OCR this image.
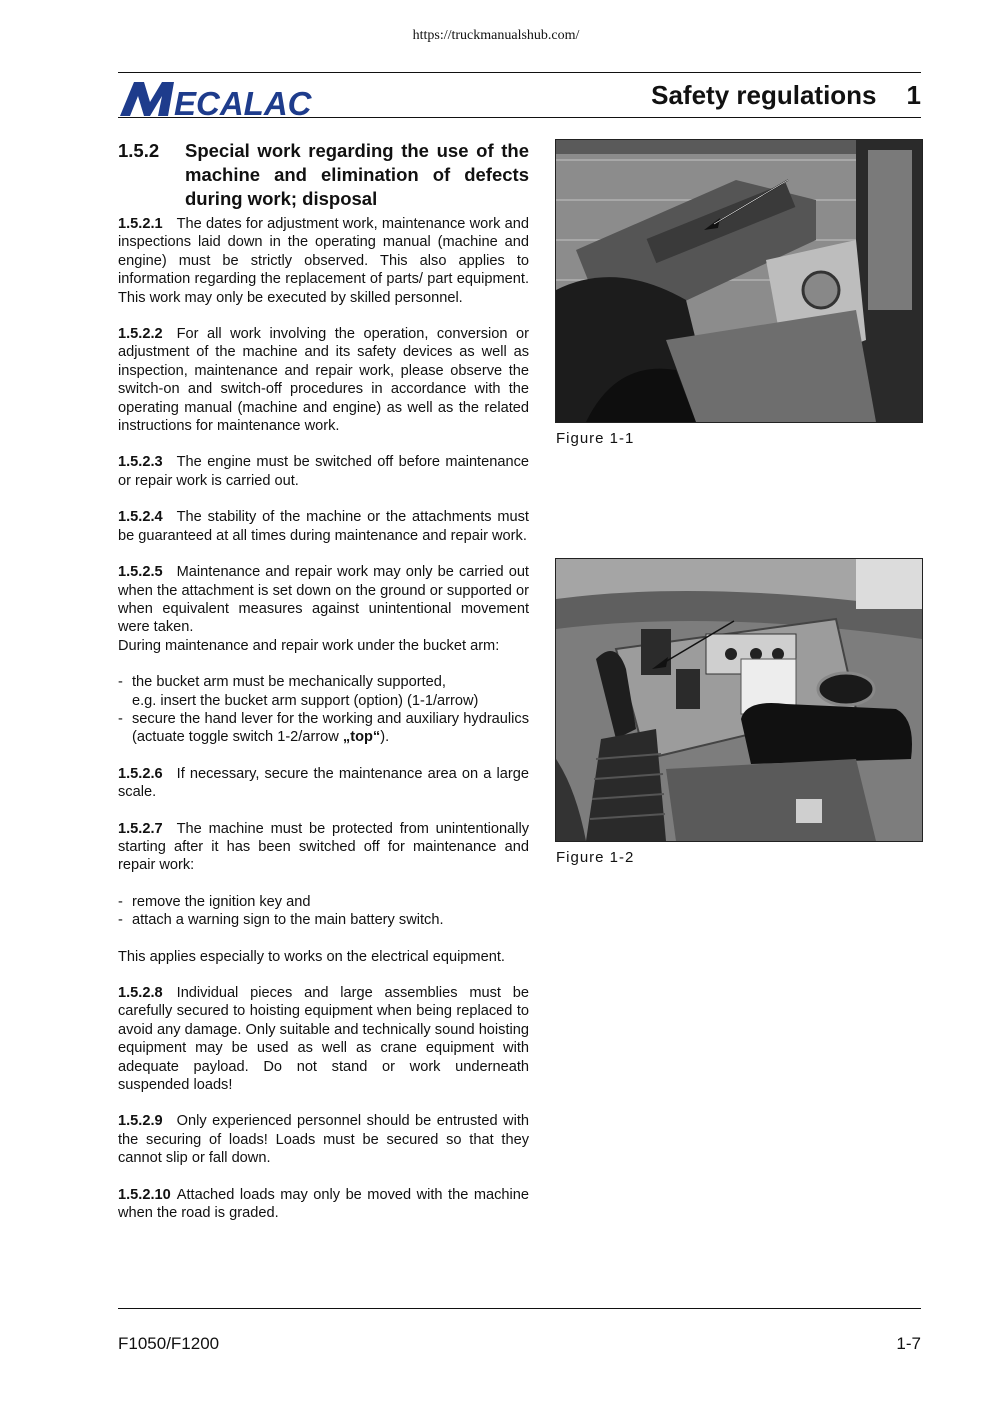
https://truckmanualshub.com/
ECALAC	Safety regulations 1
1.5.2	Special work regarding the use of the machine and elimination of defects during work; disposal

1.5.2.1 The dates for adjustment work, maintenance work and inspections laid down in the operating manual (machine and engine) must be strictly observed. This also applies to information regarding the replacement of parts/ part equipment. This work may only be executed by skilled personnel.

1.5.2.2 For all work involving the operation, conversion or adjustment of the machine and its safety devices as well as inspection, maintenance and repair work, please observe the switch-on and switch-off procedures in accordance with the operating manual (machine and engine) as well as the related instructions for maintenance work.

1.5.2.3 The engine must be switched off before maintenance or repair work is carried out.

1.5.2.4 The stability of the machine or the attachments must be guaranteed at all times during maintenance and repair work.

1.5.2.5 Maintenance and repair work may only be carried out when the attachment is set down on the ground or supported or when equivalent measures against unintentional movement were taken.

During maintenance and repair work under the bucket arm:

- the bucket arm must be mechanically supported,
e.g. insert the bucket arm support (option) (1-1/arrow)
- secure the hand lever for the working and auxiliary hydraulics (actuate toggle switch 1-2/arrow „top“).

1.5.2.6 If necessary, secure the maintenance area on a large scale.

1.5.2.7 The machine must be protected from unintentionally starting after it has been switched off for maintenance and repair work:

- remove the ignition key and
- attach a warning sign to the main battery switch.

This applies especially to works on the electrical equipment.

1.5.2.8 Individual pieces and large assemblies must be carefully secured to hoisting equipment when being replaced to avoid any damage. Only suitable and technically sound hoisting equipment may be used as well as crane equipment with adequate payload. Do not stand or work underneath suspended loads!

1.5.2.9 Only experienced personnel should be entrusted with the securing of loads! Loads must be secured so that they cannot slip or fall down.

1.5.2.10 Attached loads may only be moved with the machine when the road is graded.

Figure 1-1
Figure 1-2
F1050/F1200	1-7
